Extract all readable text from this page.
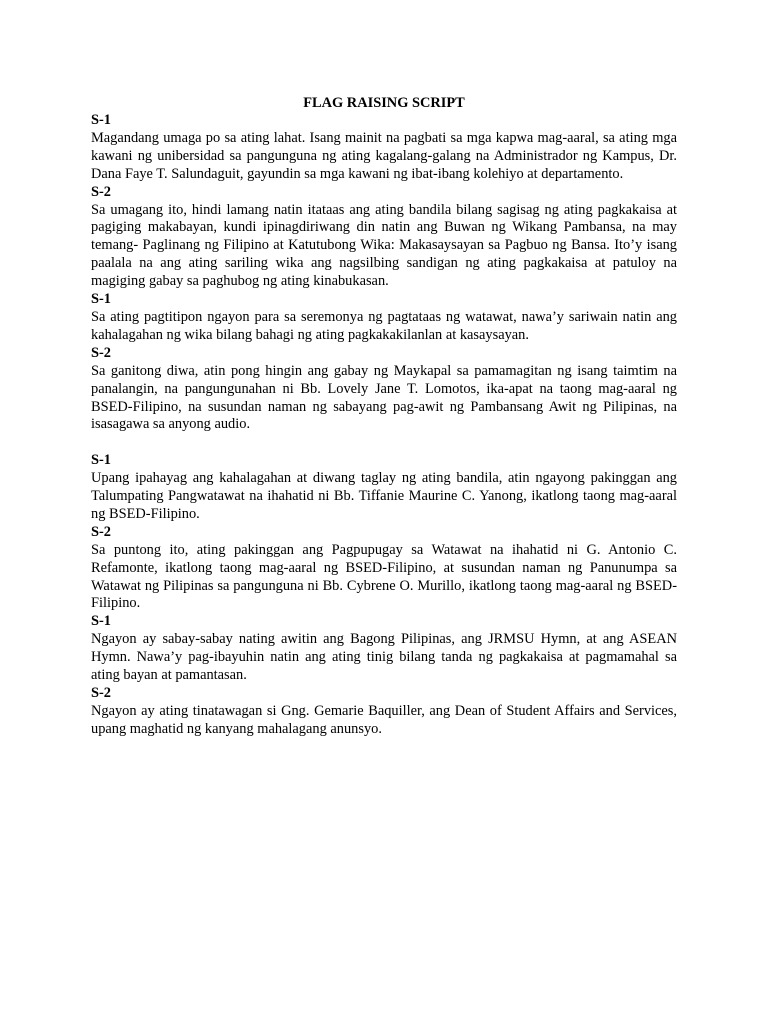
FLAG RAISING SCRIPT

S-1

Magandang umaga po sa ating lahat. Isang mainit na pagbati sa mga kapwa mag-aaral, sa ating mga kawani ng unibersidad sa pangunguna ng ating kagalang-galang na Administrador ng Kampus, Dr. Dana Faye T. Salundaguit, gayundin sa mga kawani ng ibat-ibang kolehiyo at departamento.

S-2

Sa umagang ito, hindi lamang natin itataas ang ating bandila bilang sagisag ng ating pagkakaisa at pagiging makabayan, kundi ipinagdiriwang din natin ang Buwan ng Wikang Pambansa, na may temang- Paglinang ng Filipino at Katutubong Wika: Makasaysayan sa Pagbuo ng Bansa. Ito’y isang paalala na ang ating sariling wika ang nagsilbing sandigan ng ating pagkakaisa at patuloy na magiging gabay sa paghubog ng ating kinabukasan.

S-1

Sa ating pagtitipon ngayon para sa seremonya ng pagtataas ng watawat, nawa’y sariwain natin ang kahalagahan ng wika bilang bahagi ng ating pagkakakilanlan at kasaysayan.

S-2

Sa ganitong diwa, atin pong hingin ang gabay ng Maykapal sa pamamagitan ng isang taimtim na panalangin, na pangungunahan ni Bb. Lovely Jane T. Lomotos, ika-apat na taong mag-aaral ng BSED-Filipino, na susundan naman ng sabayang pag-awit ng Pambansang Awit ng Pilipinas, na isasagawa sa anyong audio.

S-1

Upang ipahayag ang kahalagahan at diwang taglay ng ating bandila, atin ngayong pakinggan ang Talumpating Pangwatawat na ihahatid ni Bb. Tiffanie Maurine C. Yanong, ikatlong taong mag-aaral ng BSED-Filipino.

S-2

Sa puntong ito, ating pakinggan ang Pagpupugay sa Watawat na ihahatid ni G. Antonio C. Refamonte, ikatlong taong mag-aaral ng BSED-Filipino, at susundan naman ng Panunumpa sa Watawat ng Pilipinas sa pangunguna ni Bb. Cybrene O. Murillo, ikatlong taong mag-aaral ng BSED-Filipino.

S-1

Ngayon ay sabay-sabay nating awitin ang Bagong Pilipinas, ang JRMSU Hymn, at ang ASEAN Hymn. Nawa’y pag-ibayuhin natin ang ating tinig bilang tanda ng pagkakaisa at pagmamahal sa ating bayan at pamantasan.

S-2

Ngayon ay ating tinatawagan si Gng. Gemarie Baquiller, ang Dean of Student Affairs and Services, upang maghatid ng kanyang mahalagang anunsyo.
